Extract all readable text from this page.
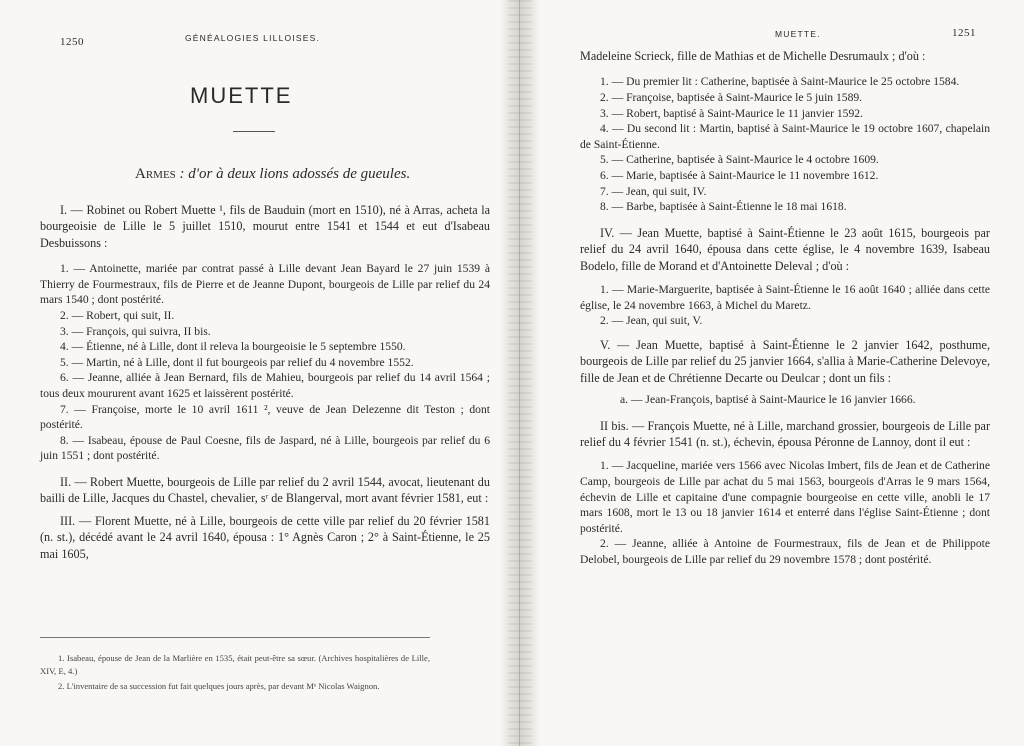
1250	GÉNÉALOGIES LILLOISES.
MUETTE
Armes : d'or à deux lions adossés de gueules.

I. — Robinet ou Robert Muette ¹, fils de Bauduin (mort en 1510), né à Arras, acheta la bourgeoisie de Lille le 5 juillet 1510, mourut entre 1541 et 1544 et eut d'Isabeau Desbuissons :

1. — Antoinette, mariée par contrat passé à Lille devant Jean Bayard le 27 juin 1539 à Thierry de Fourmestraux, fils de Pierre et de Jeanne Dupont, bourgeois de Lille par relief du 24 mars 1540 ; dont postérité.

2. — Robert, qui suit, II.

3. — François, qui suivra, II bis.

4. — Étienne, né à Lille, dont il releva la bourgeoisie le 5 septembre 1550.

5. — Martin, né à Lille, dont il fut bourgeois par relief du 4 novembre 1552.

6. — Jeanne, alliée à Jean Bernard, fils de Mahieu, bourgeois par relief du 14 avril 1564 ; tous deux moururent avant 1625 et laissèrent postérité.

7. — Françoise, morte le 10 avril 1611 ², veuve de Jean Delezenne dit Teston ; dont postérité.

8. — Isabeau, épouse de Paul Coesne, fils de Jaspard, né à Lille, bourgeois par relief du 6 juin 1551 ; dont postérité.

II. — Robert Muette, bourgeois de Lille par relief du 2 avril 1544, avocat, lieutenant du bailli de Lille, Jacques du Chastel, chevalier, sʳ de Blangerval, mort avant février 1581, eut :

III. — Florent Muette, né à Lille, bourgeois de cette ville par relief du 20 février 1581 (n. st.), décédé avant le 24 avril 1640, épousa : 1° Agnès Caron ; 2° à Saint-Étienne, le 25 mai 1605,

1. Isabeau, épouse de Jean de la Marlière en 1535, était peut-être sa sœur. (Archives hospitalières de Lille, XIV, E, 4.)

2. L'inventaire de sa succession fut fait quelques jours après, par devant Mᵉ Nicolas Waignon.

MUETTE.	1251

Madeleine Scrieck, fille de Mathias et de Michelle Desrumaulx ; d'où :

1. — Du premier lit : Catherine, baptisée à Saint-Maurice le 25 octobre 1584.

2. — Françoise, baptisée à Saint-Maurice le 5 juin 1589.

3. — Robert, baptisé à Saint-Maurice le 11 janvier 1592.

4. — Du second lit : Martin, baptisé à Saint-Maurice le 19 octobre 1607, chapelain de Saint-Étienne.

5. — Catherine, baptisée à Saint-Maurice le 4 octobre 1609.

6. — Marie, baptisée à Saint-Maurice le 11 novembre 1612.

7. — Jean, qui suit, IV.

8. — Barbe, baptisée à Saint-Étienne le 18 mai 1618.

IV. — Jean Muette, baptisé à Saint-Étienne le 23 août 1615, bourgeois par relief du 24 avril 1640, épousa dans cette église, le 4 novembre 1639, Isabeau Bodelo, fille de Morand et d'Antoinette Deleval ; d'où :

1. — Marie-Marguerite, baptisée à Saint-Étienne le 16 août 1640 ; alliée dans cette église, le 24 novembre 1663, à Michel du Maretz.

2. — Jean, qui suit, V.

V. — Jean Muette, baptisé à Saint-Étienne le 2 janvier 1642, posthume, bourgeois de Lille par relief du 25 janvier 1664, s'allia à Marie-Catherine Delevoye, fille de Jean et de Chrétienne Decarte ou Deulcar ; dont un fils :

a. — Jean-François, baptisé à Saint-Maurice le 16 janvier 1666.

II bis. — François Muette, né à Lille, marchand grossier, bourgeois de Lille par relief du 4 février 1541 (n. st.), échevin, épousa Péronne de Lannoy, dont il eut :

1. — Jacqueline, mariée vers 1566 avec Nicolas Imbert, fils de Jean et de Catherine Camp, bourgeois de Lille par achat du 5 mai 1563, bourgeois d'Arras le 9 mars 1564, échevin de Lille et capitaine d'une compagnie bourgeoise en cette ville, anobli le 17 mars 1608, mort le 13 ou 18 janvier 1614 et enterré dans l'église Saint-Étienne ; dont postérité.

2. — Jeanne, alliée à Antoine de Fourmestraux, fils de Jean et de Philippote Delobel, bourgeois de Lille par relief du 29 novembre 1578 ; dont postérité.
